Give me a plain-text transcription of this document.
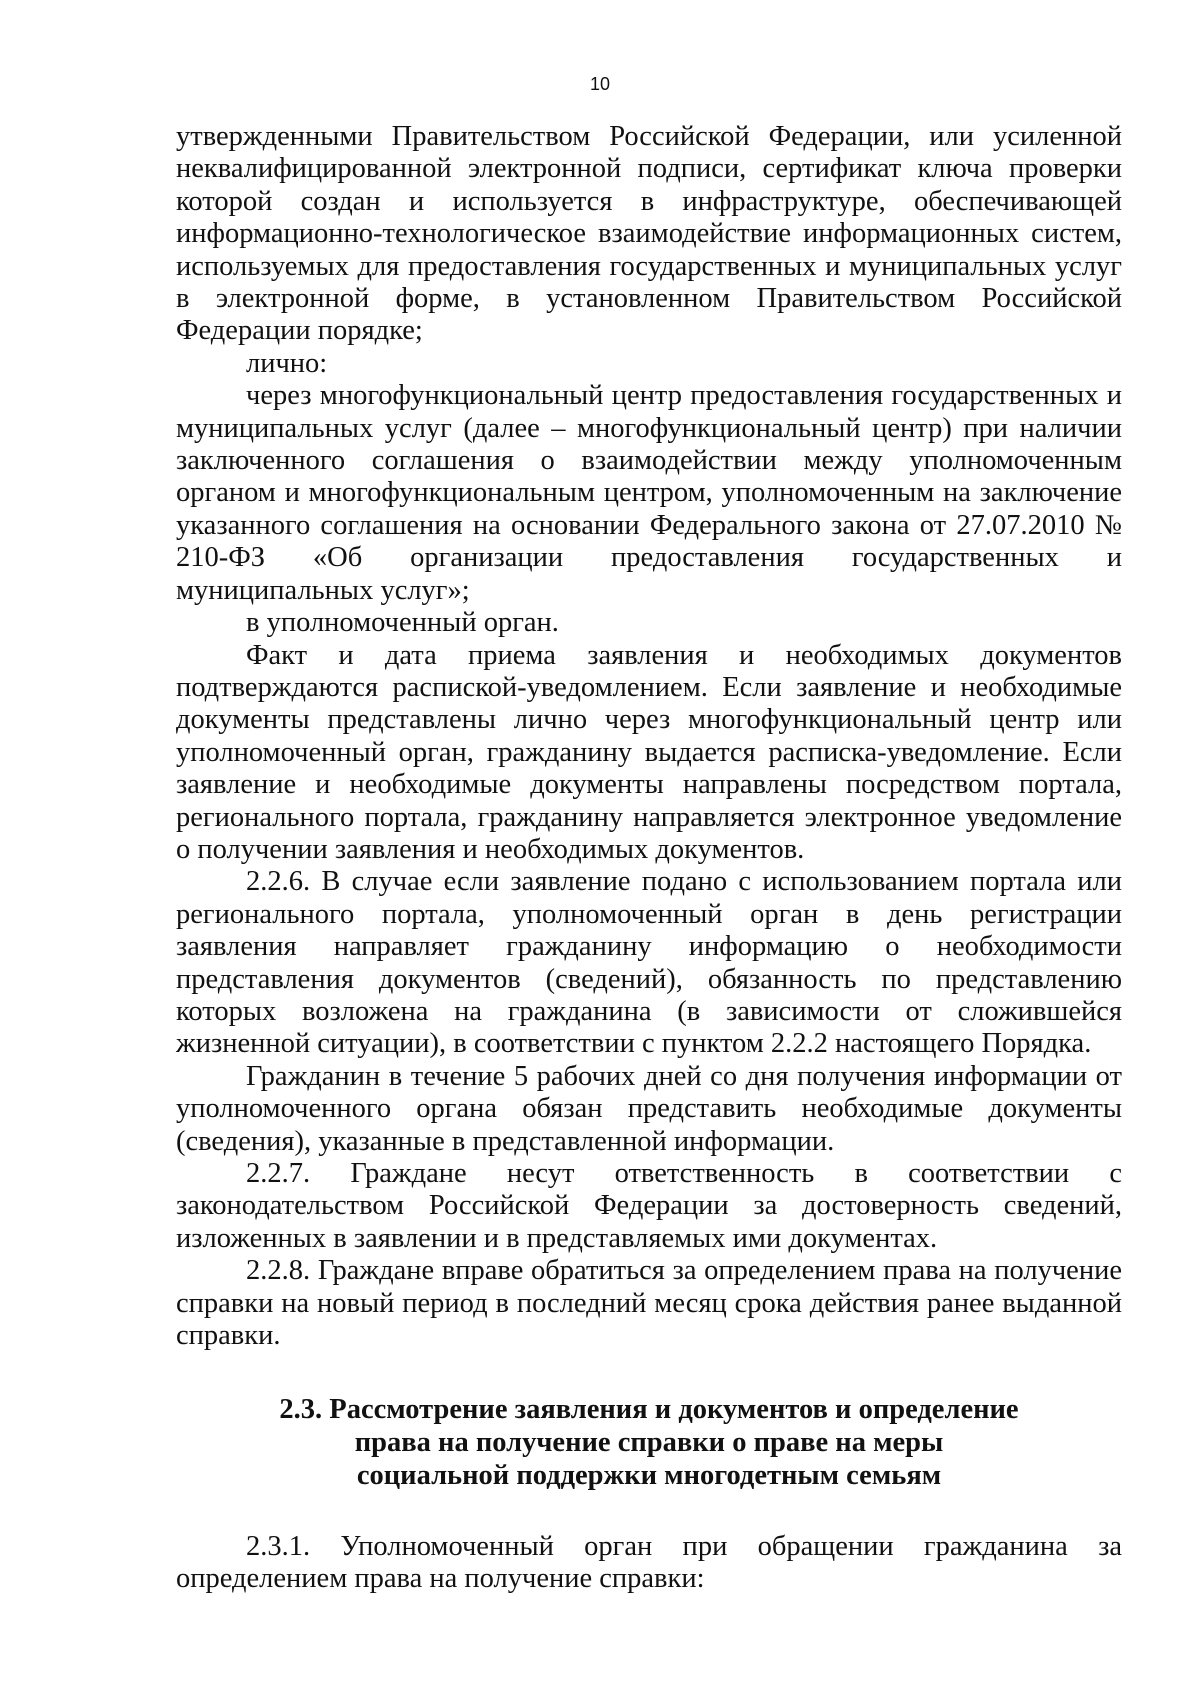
10

утвержденными Правительством Российской Федерации, или усиленной неквалифицированной электронной подписи, сертификат ключа проверки которой создан и используется в инфраструктуре, обеспечивающей информационно-технологическое взаимодействие информационных систем, используемых для предоставления государственных и муниципальных услуг в электронной форме, в установленном Правительством Российской Федерации порядке;

лично:

через многофункциональный центр предоставления государственных и муниципальных услуг (далее – многофункциональный центр) при наличии заключенного соглашения о взаимодействии между уполномоченным органом и многофункциональным центром, уполномоченным на заключение указанного соглашения на основании Федерального закона от 27.07.2010 № 210-ФЗ «Об организации предоставления государственных и муниципальных услуг»;

в уполномоченный орган.

Факт и дата приема заявления и необходимых документов подтверждаются распиской-уведомлением. Если заявление и необходимые документы представлены лично через многофункциональный центр или уполномоченный орган, гражданину выдается расписка-уведомление. Если заявление и необходимые документы направлены посредством портала, регионального портала, гражданину направляется электронное уведомление о получении заявления и необходимых документов.

2.2.6. В случае если заявление подано с использованием портала или регионального портала, уполномоченный орган в день регистрации заявления направляет гражданину информацию о необходимости представления документов (сведений), обязанность по представлению которых возложена на гражданина (в зависимости от сложившейся жизненной ситуации), в соответствии с пунктом 2.2.2 настоящего Порядка.

Гражданин в течение 5 рабочих дней со дня получения информации от уполномоченного органа обязан представить необходимые документы (сведения), указанные в представленной информации.

2.2.7. Граждане несут ответственность в соответствии с законодательством Российской Федерации за достоверность сведений, изложенных в заявлении и в представляемых ими документах.

2.2.8. Граждане вправе обратиться за определением права на получение справки на новый период в последний месяц срока действия ранее выданной справки.

2.3. Рассмотрение заявления и документов и определение
права на получение справки о праве на меры
социальной поддержки многодетным семьям

2.3.1. Уполномоченный орган при обращении гражданина за определением права на получение справки:
